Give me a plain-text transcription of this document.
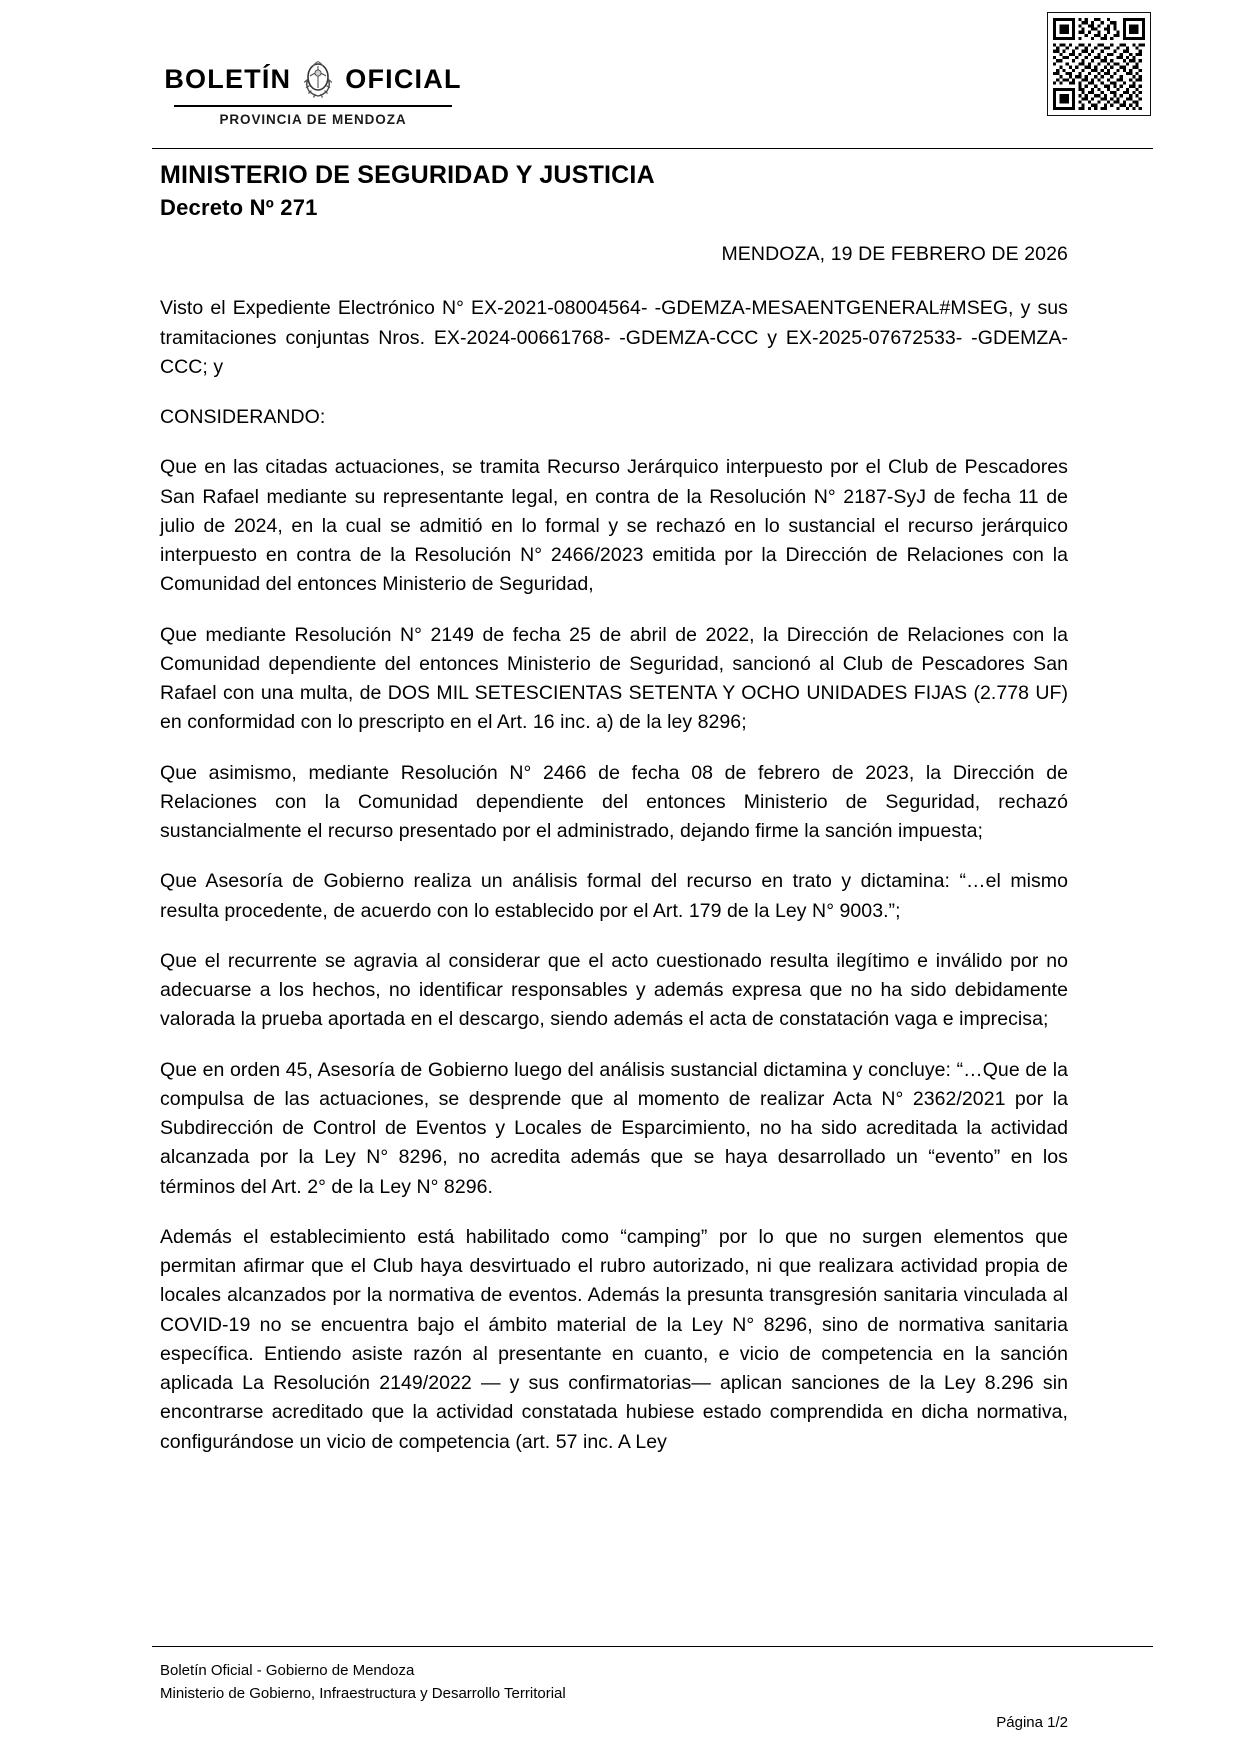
BOLETÍN OFICIAL
PROVINCIA DE MENDOZA
MINISTERIO DE SEGURIDAD Y JUSTICIA
Decreto Nº 271

MENDOZA, 19 DE FEBRERO DE 2026

Visto el Expediente Electrónico N° EX-2021-08004564- -GDEMZA-MESAENTGENERAL#MSEG, y sus tramitaciones conjuntas Nros. EX-2024-00661768- -GDEMZA-CCC y EX-2025-07672533- -GDEMZA-CCC; y

CONSIDERANDO:

Que en las citadas actuaciones, se tramita Recurso Jerárquico interpuesto por el Club de Pescadores San Rafael mediante su representante legal, en contra de la Resolución N° 2187-SyJ de fecha 11 de julio de 2024, en la cual se admitió en lo formal y se rechazó en lo sustancial el recurso jerárquico interpuesto en contra de la Resolución N° 2466/2023 emitida por la Dirección de Relaciones con la Comunidad del entonces Ministerio de Seguridad,

Que mediante Resolución N° 2149 de fecha 25 de abril de 2022, la Dirección de Relaciones con la Comunidad dependiente del entonces Ministerio de Seguridad, sancionó al Club de Pescadores San Rafael con una multa, de DOS MIL SETESCIENTAS SETENTA Y OCHO UNIDADES FIJAS (2.778 UF) en conformidad con lo prescripto en el Art. 16 inc. a) de la ley 8296;

Que asimismo, mediante Resolución N° 2466 de fecha 08 de febrero de 2023, la Dirección de Relaciones con la Comunidad dependiente del entonces Ministerio de Seguridad, rechazó sustancialmente el recurso presentado por el administrado, dejando firme la sanción impuesta;

Que Asesoría de Gobierno realiza un análisis formal del recurso en trato y dictamina: “…el mismo resulta procedente, de acuerdo con lo establecido por el Art. 179 de la Ley N° 9003.”;

Que el recurrente se agravia al considerar que el acto cuestionado resulta ilegítimo e inválido por no adecuarse a los hechos, no identificar responsables y además expresa que no ha sido debidamente valorada la prueba aportada en el descargo, siendo además el acta de constatación vaga e imprecisa;

Que en orden 45, Asesoría de Gobierno luego del análisis sustancial dictamina y concluye: “…Que de la compulsa de las actuaciones, se desprende que al momento de realizar Acta N° 2362/2021 por la Subdirección de Control de Eventos y Locales de Esparcimiento, no ha sido acreditada la actividad alcanzada por la Ley N° 8296, no acredita además que se haya desarrollado un “evento” en los términos del Art. 2° de la Ley N° 8296.

Además el establecimiento está habilitado como “camping” por lo que no surgen elementos que permitan afirmar que el Club haya desvirtuado el rubro autorizado, ni que realizara actividad propia de locales alcanzados por la normativa de eventos. Además la presunta transgresión sanitaria vinculada al COVID-19 no se encuentra bajo el ámbito material de la Ley N° 8296, sino de normativa sanitaria específica. Entiendo asiste razón al presentante en cuanto, e vicio de competencia en la sanción aplicada La Resolución 2149/2022 — y sus confirmatorias— aplican sanciones de la Ley 8.296 sin encontrarse acreditado que la actividad constatada hubiese estado comprendida en dicha normativa, configurándose un vicio de competencia (art. 57 inc. A Ley

Boletín Oficial - Gobierno de Mendoza

Ministerio de Gobierno, Infraestructura y Desarrollo Territorial

Página 1/2
